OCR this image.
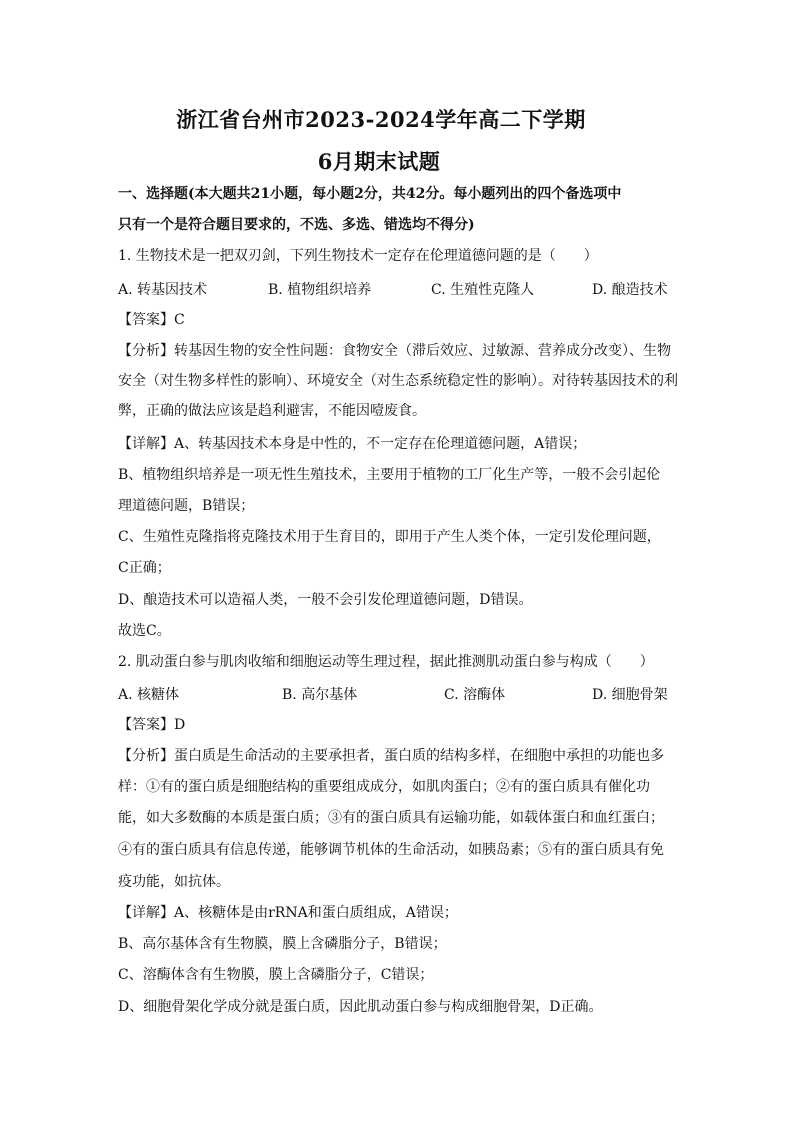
浙江省台州市2023-2024学年高二下学期
6月期末试题
一、选择题(本大题共21小题，每小题2分，共42分。每小题列出的四个备选项中
只有一个是符合题目要求的，不选、多选、错选均不得分)
1. 生物技术是一把双刃剑，下列生物技术一定存在伦理道德问题的是（　　）
A. 转基因技术	B. 植物组织培养	C. 生殖性克隆人	D. 酿造技术
【答案】C
【分析】转基因生物的安全性问题：食物安全（滞后效应、过敏源、营养成分改变）、生物
安全（对生物多样性的影响）、环境安全（对生态系统稳定性的影响）。对待转基因技术的利
弊，正确的做法应该是趋利避害，不能因噎废食。
【详解】A、转基因技术本身是中性的，不一定存在伦理道德问题，A错误；
B、植物组织培养是一项无性生殖技术，主要用于植物的工厂化生产等，一般不会引起伦
理道德问题，B错误；
C、生殖性克隆指将克隆技术用于生育目的，即用于产生人类个体，一定引发伦理问题，
C正确；
D、酿造技术可以造福人类，一般不会引发伦理道德问题，D错误。
故选C。
2. 肌动蛋白参与肌肉收缩和细胞运动等生理过程，据此推测肌动蛋白参与构成（　　）
A. 核糖体	B. 高尔基体	C. 溶酶体	D. 细胞骨架
【答案】D
【分析】蛋白质是生命活动的主要承担者，蛋白质的结构多样，在细胞中承担的功能也多
样：①有的蛋白质是细胞结构的重要组成成分，如肌肉蛋白；②有的蛋白质具有催化功
能，如大多数酶的本质是蛋白质；③有的蛋白质具有运输功能，如载体蛋白和血红蛋白；
④有的蛋白质具有信息传递，能够调节机体的生命活动，如胰岛素；⑤有的蛋白质具有免
疫功能，如抗体。
【详解】A、核糖体是由rRNA和蛋白质组成，A错误；
B、高尔基体含有生物膜，膜上含磷脂分子，B错误；
C、溶酶体含有生物膜，膜上含磷脂分子，C错误；
D、细胞骨架化学成分就是蛋白质，因此肌动蛋白参与构成细胞骨架，D正确。
